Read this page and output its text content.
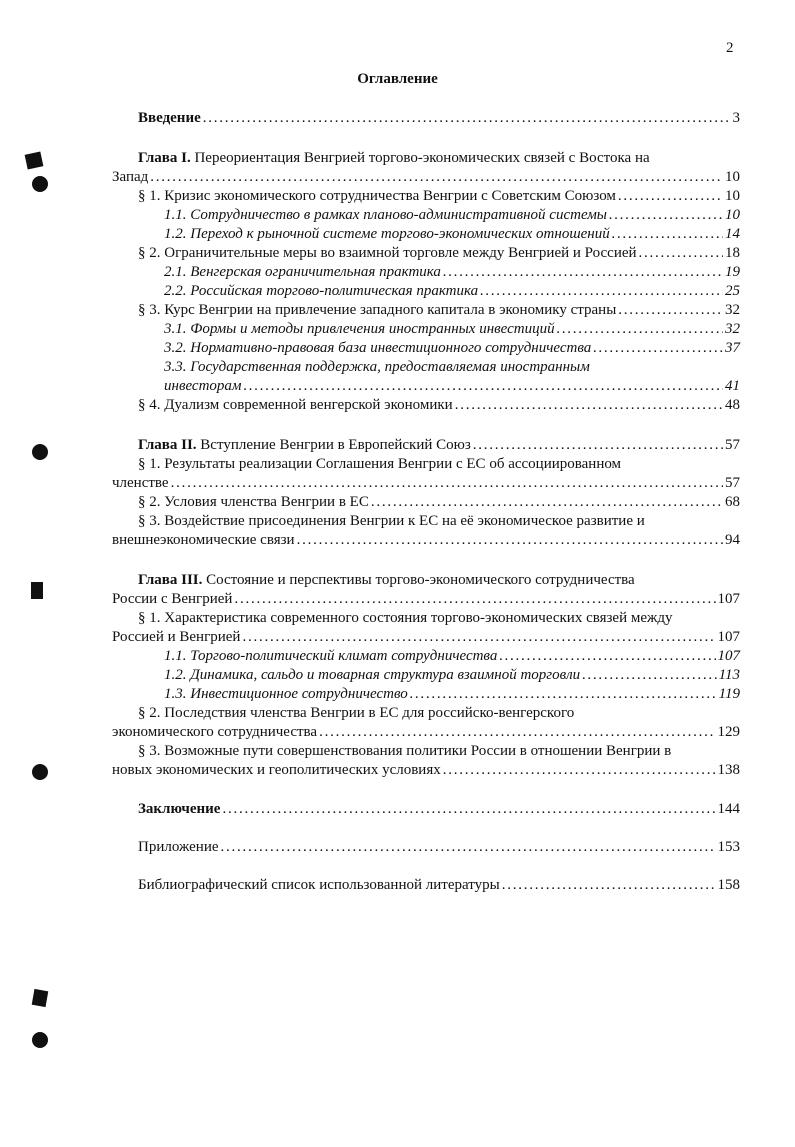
2
Оглавление
Введение . . .	3
Глава I. Переориентация Венгрией торгово-экономических связей с Востока на
Запад . . .	10
§ 1. Кризис экономического сотрудничества Венгрии с Советским Союзом . . .	10
1.1. Сотрудничество в рамках планово-административной системы . . .	10
1.2. Переход к рыночной системе торгово-экономических отношений . . .	14
§ 2. Ограничительные меры во взаимной торговле между Венгрией и Россией . . .	18
2.1. Венгерская ограничительная практика . . .	19
2.2. Российская торгово-политическая практика . . .	25
§ 3. Курс Венгрии на привлечение западного капитала в экономику страны . . .	32
3.1. Формы и методы привлечения иностранных инвестиций . . .	32
3.2. Нормативно-правовая база инвестиционного сотрудничества . . .	37
3.3. Государственная поддержка, предоставляемая иностранным
инвесторам . . .	41
§ 4. Дуализм современной венгерской экономики . . .	48
Глава II. Вступление Венгрии в Европейский Союз . . .	57
§ 1. Результаты реализации Соглашения Венгрии с ЕС об ассоциированном
членстве . . .	57
§ 2. Условия членства Венгрии в ЕС . . .	68
§ 3. Воздействие присоединения Венгрии к ЕС на её экономическое развитие и
внешнеэкономические связи . . .	94
Глава III. Состояние и перспективы торгово-экономического сотрудничества
России с Венгрией . . .	107
§ 1. Характеристика современного состояния торгово-экономических связей между
Россией и Венгрией . . .	107
1.1. Торгово-политический климат сотрудничества . . .	107
1.2. Динамика, сальдо и товарная структура взаимной торговли . . .	113
1.3. Инвестиционное сотрудничество . . .	119
§ 2. Последствия членства Венгрии в ЕС для российско-венгерского
экономического сотрудничества . . .	129
§ 3. Возможные пути совершенствования политики России в отношении Венгрии в
новых экономических и геополитических условиях . . .	138
Заключение . . .	144
Приложение . . .	153
Библиографический список использованной литературы . . .	158
